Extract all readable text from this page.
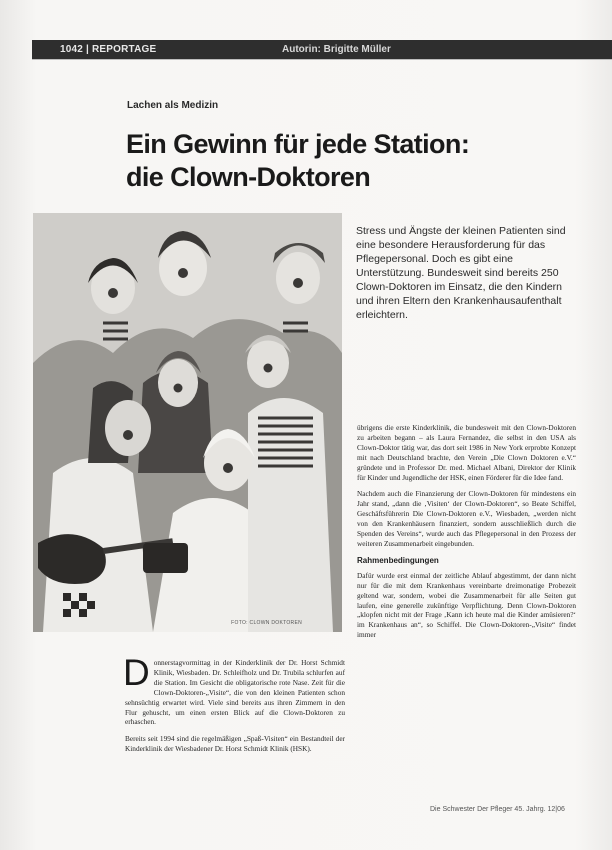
1042 | REPORTAGE	Autorin: Brigitte Müller
Lachen als Medizin
Ein Gewinn für jede Station:
die Clown-Doktoren
FOTO: CLOWN DOKTOREN
Stress und Ängste der kleinen Patienten sind eine besondere Herausforderung für das Pflegepersonal. Doch es gibt eine Unterstützung. Bundesweit sind bereits 250 Clown-Doktoren im Einsatz, die den Kindern und ihren Eltern den Krankenhausaufenthalt erleichtern.

Donnerstagvormittag in der Kinderklinik der Dr. Horst Schmidt Klinik, Wiesbaden. Dr. Schleifholz und Dr. Trubila schlurfen auf die Station. Im Gesicht die obligatorische rote Nase. Zeit für die Clown-Doktoren-„Visite“, die von den kleinen Patienten schon sehnsüchtig erwartet wird. Viele sind bereits aus ihren Zimmern in den Flur gehuscht, um einen ersten Blick auf die Clown-Doktoren zu erhaschen.

Bereits seit 1994 sind die regelmäßigen „Spaß-Visiten“ ein Bestandteil der Kinderklinik der Wiesbadener Dr. Horst Schmidt Klinik (HSK).

übrigens die erste Kinderklinik, die bundesweit mit den Clown-Doktoren zu arbeiten begann – als Laura Fernandez, die selbst in den USA als Clown-Doktor tätig war, das dort seit 1986 in New York erprobte Konzept mit nach Deutschland brachte, den Verein „Die Clown Doktoren e.V.“ gründete und in Professor Dr. med. Michael Albani, Direktor der Klinik für Kinder und Jugendliche der HSK, einen Förderer für die Idee fand.

Nachdem auch die Finanzierung der Clown-Doktoren für mindestens ein Jahr stand, „dann die ‚Visiten‘ der Clown-Doktoren“, so Beate Schiffel, Geschäftsführerin Die Clown-Doktoren e.V., Wiesbaden, „werden nicht von den Krankenhäusern finanziert, sondern ausschließlich durch die Spenden des Vereins“, wurde auch das Pflegepersonal in den Prozess der weiteren Zusammenarbeit eingebunden.

Rahmenbedingungen

Dafür wurde erst einmal der zeitliche Ablauf abgestimmt, der dann nicht nur für die mit dem Krankenhaus vereinbarte dreimonatige Probezeit geltend war, sondern, wobei die Zusammenarbeit für alle Seiten gut laufen, eine generelle zukünftige Verpflichtung. Denn Clown-Doktoren „klopfen nicht mit der Frage ‚Kann ich heute mal die Kinder amüsieren?‘ im Krankenhaus an“, so Schiffel. Die Clown-Doktoren-„Visite“ findet immer

Die Schwester Der Pfleger 45. Jahrg. 12|06
